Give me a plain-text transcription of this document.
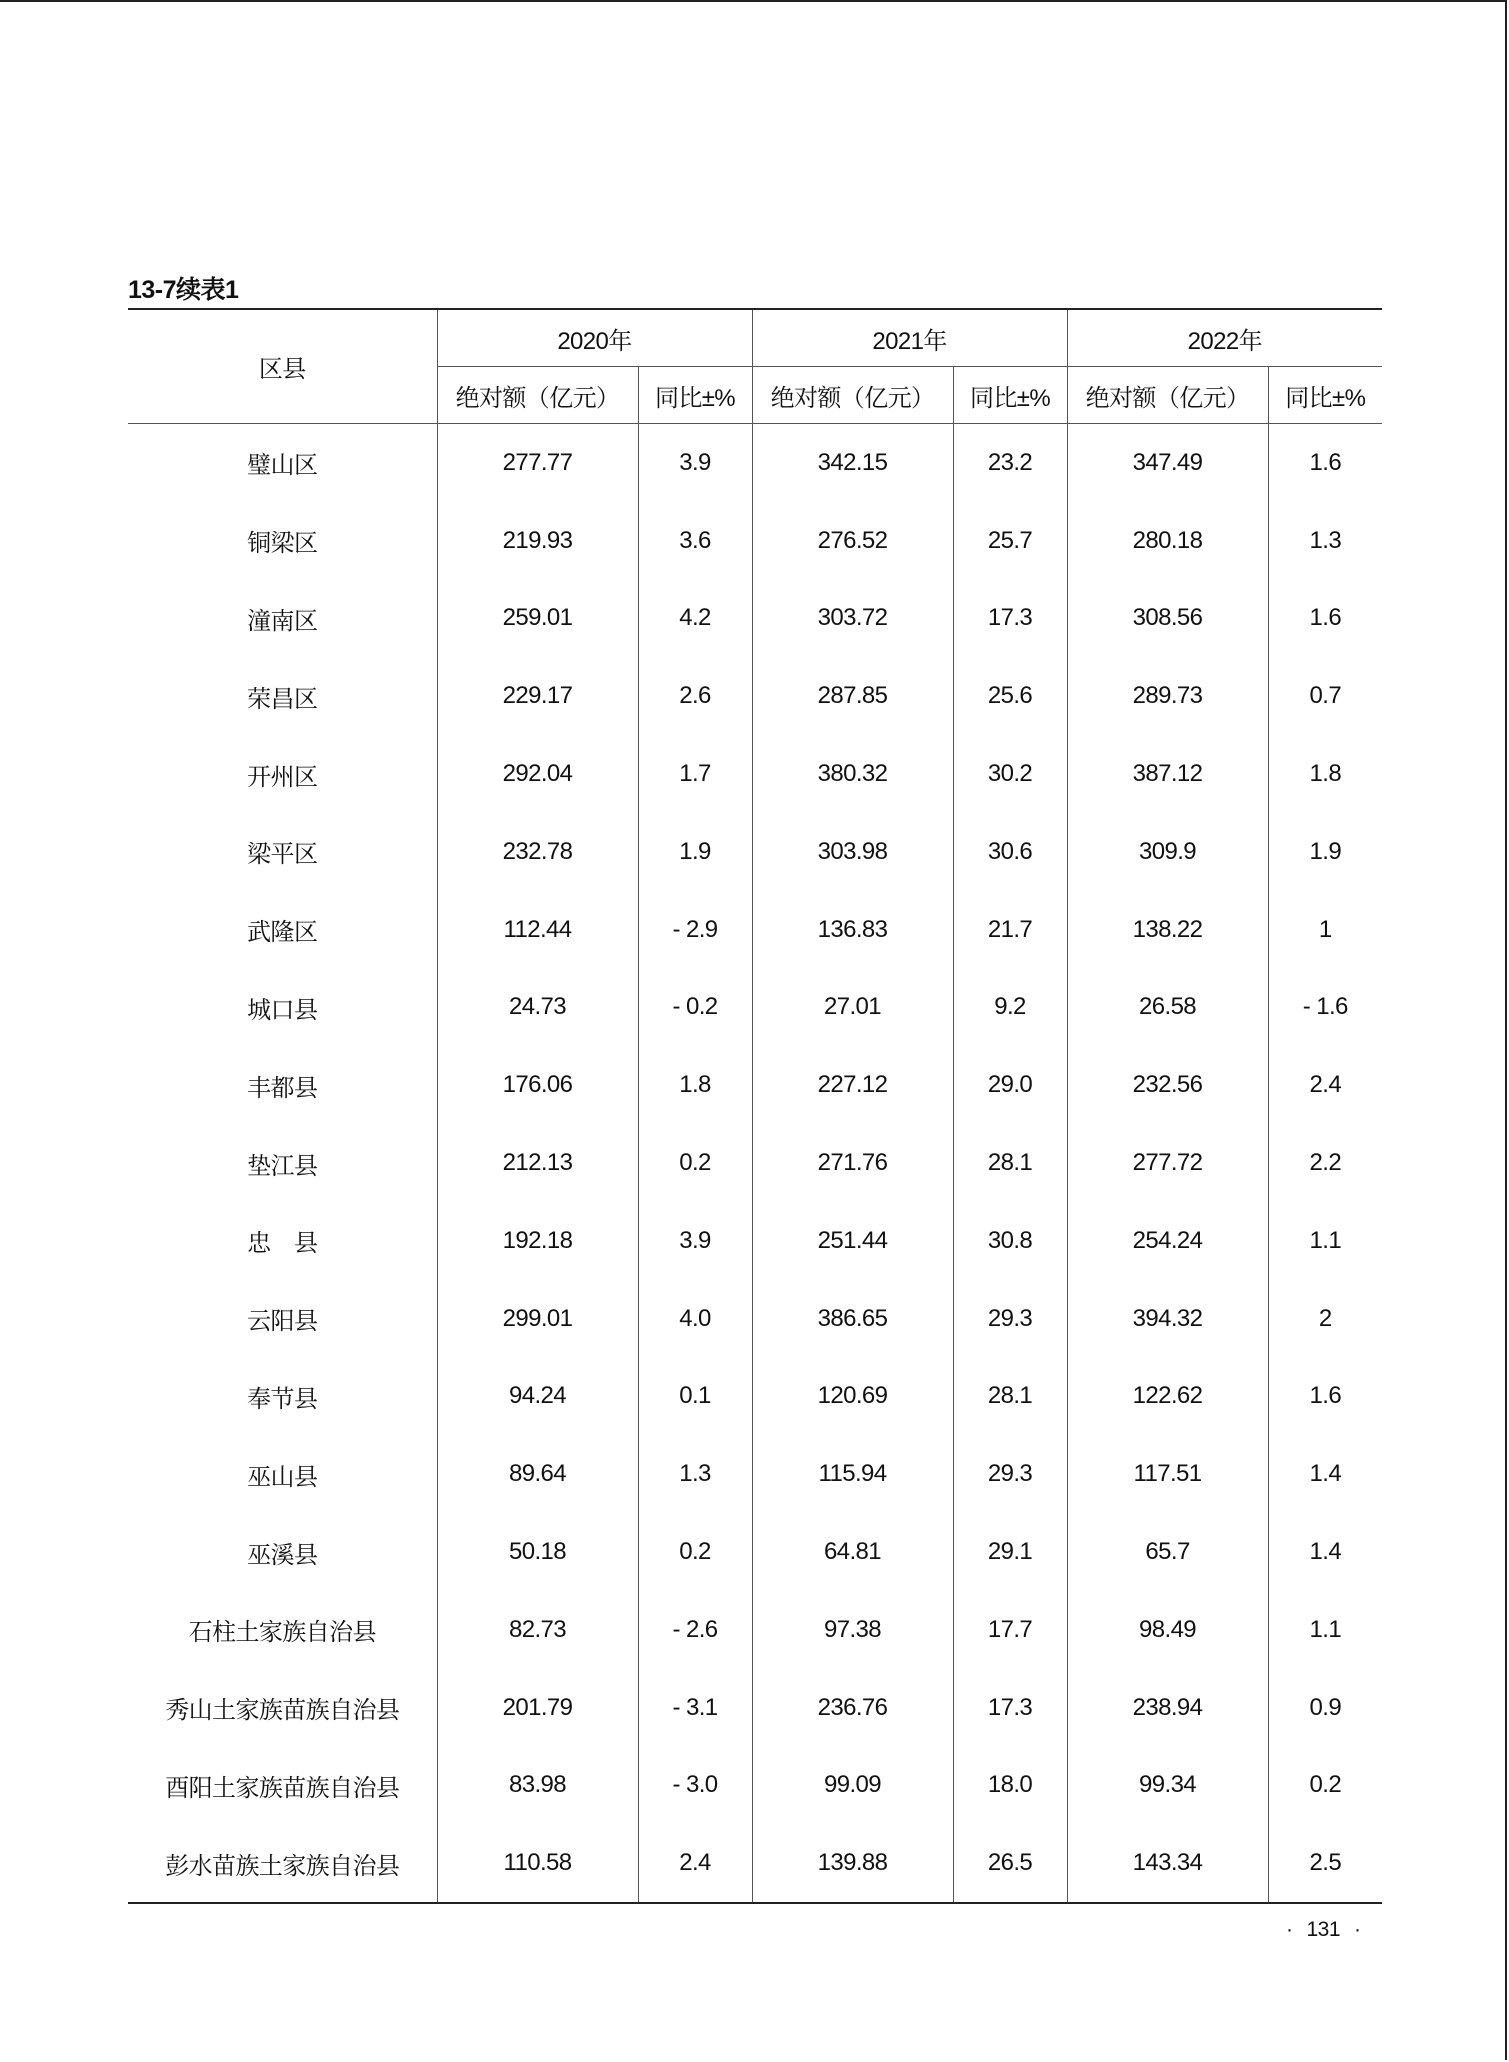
13-7续表1
区县	2020年		2021年		2022年	
	绝对额（亿元）	同比±%	绝对额（亿元）	同比±%	绝对额（亿元）	同比±%
璧山区	277.77	3.9	342.15	23.2	347.49	1.6
铜梁区	219.93	3.6	276.52	25.7	280.18	1.3
潼南区	259.01	4.2	303.72	17.3	308.56	1.6
荣昌区	229.17	2.6	287.85	25.6	289.73	0.7
开州区	292.04	1.7	380.32	30.2	387.12	1.8
梁平区	232.78	1.9	303.98	30.6	309.9	1.9
武隆区	112.44	- 2.9	136.83	21.7	138.22	1
城口县	24.73	- 0.2	27.01	9.2	26.58	- 1.6
丰都县	176.06	1.8	227.12	29.0	232.56	2.4
垫江县	212.13	0.2	271.76	28.1	277.72	2.2
忠　县	192.18	3.9	251.44	30.8	254.24	1.1
云阳县	299.01	4.0	386.65	29.3	394.32	2
奉节县	94.24	0.1	120.69	28.1	122.62	1.6
巫山县	89.64	1.3	115.94	29.3	117.51	1.4
巫溪县	50.18	0.2	64.81	29.1	65.7	1.4
石柱土家族自治县	82.73	- 2.6	97.38	17.7	98.49	1.1
秀山土家族苗族自治县	201.79	- 3.1	236.76	17.3	238.94	0.9
酉阳土家族苗族自治县	83.98	- 3.0	99.09	18.0	99.34	0.2
彭水苗族土家族自治县	110.58	2.4	139.88	26.5	143.34	2.5
· 131 ·
